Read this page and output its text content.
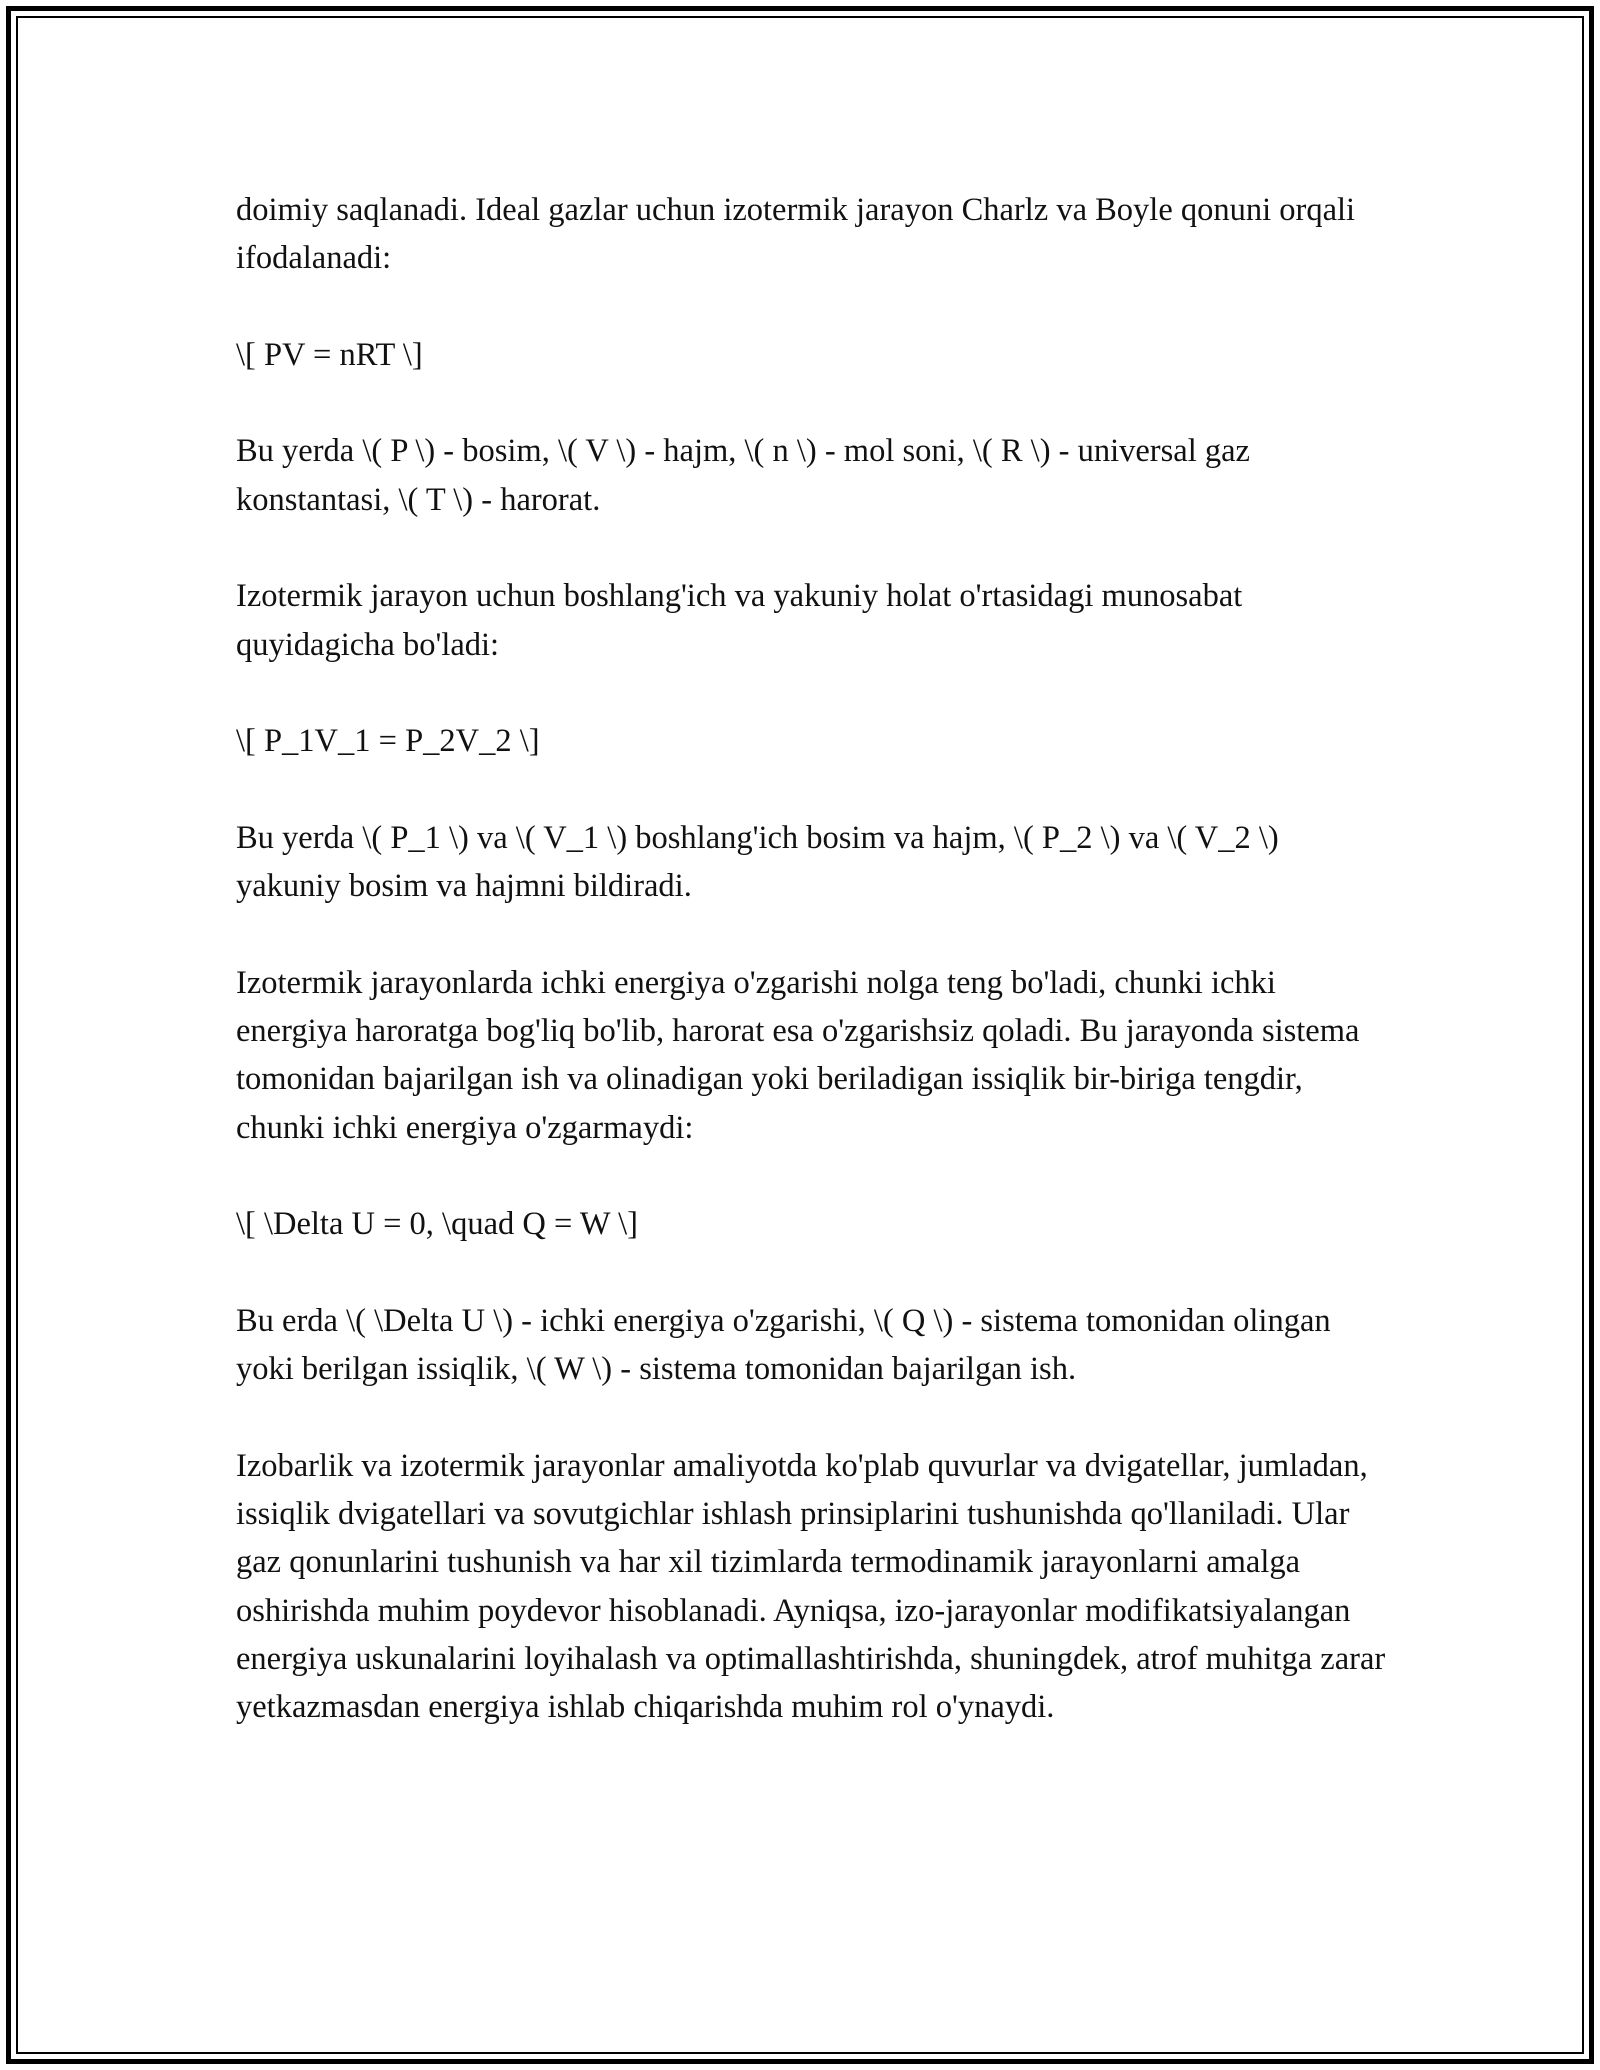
doimiy saqlanadi. Ideal gazlar uchun izotermik jarayon Charlz va Boyle qonuni orqali ifodalanadi:

\[ PV = nRT \]

Bu yerda \( P \) - bosim, \( V \) - hajm, \( n \) - mol soni, \( R \) - universal gaz konstantasi, \( T \) - harorat.

Izotermik jarayon uchun boshlang'ich va yakuniy holat o'rtasidagi munosabat quyidagicha bo'ladi:

\[ P_1V_1 = P_2V_2 \]

Bu yerda \( P_1 \) va \( V_1 \) boshlang'ich bosim va hajm, \( P_2 \) va \( V_2 \) yakuniy bosim va hajmni bildiradi.

Izotermik jarayonlarda ichki energiya o'zgarishi nolga teng bo'ladi, chunki ichki energiya haroratga bog'liq bo'lib, harorat esa o'zgarishsiz qoladi. Bu jarayonda sistema tomonidan bajarilgan ish va olinadigan yoki beriladigan issiqlik bir-biriga tengdir, chunki ichki energiya o'zgarmaydi:

\[ \Delta U = 0, \quad Q = W \]

Bu erda \( \Delta U \) - ichki energiya o'zgarishi, \( Q \) - sistema tomonidan olingan yoki berilgan issiqlik, \( W \) - sistema tomonidan bajarilgan ish.

Izobarlik va izotermik jarayonlar amaliyotda ko'plab quvurlar va dvigatellar, jumladan, issiqlik dvigatellari va sovutgichlar ishlash prinsiplarini tushunishda qo'llaniladi. Ular gaz qonunlarini tushunish va har xil tizimlarda termodinamik jarayonlarni amalga oshirishda muhim poydevor hisoblanadi. Ayniqsa, izo-jarayonlar modifikatsiyalangan energiya uskunalarini loyihalash va optimallashtirishda, shuningdek, atrof muhitga zarar yetkazmasdan energiya ishlab chiqarishda muhim rol o'ynaydi.
